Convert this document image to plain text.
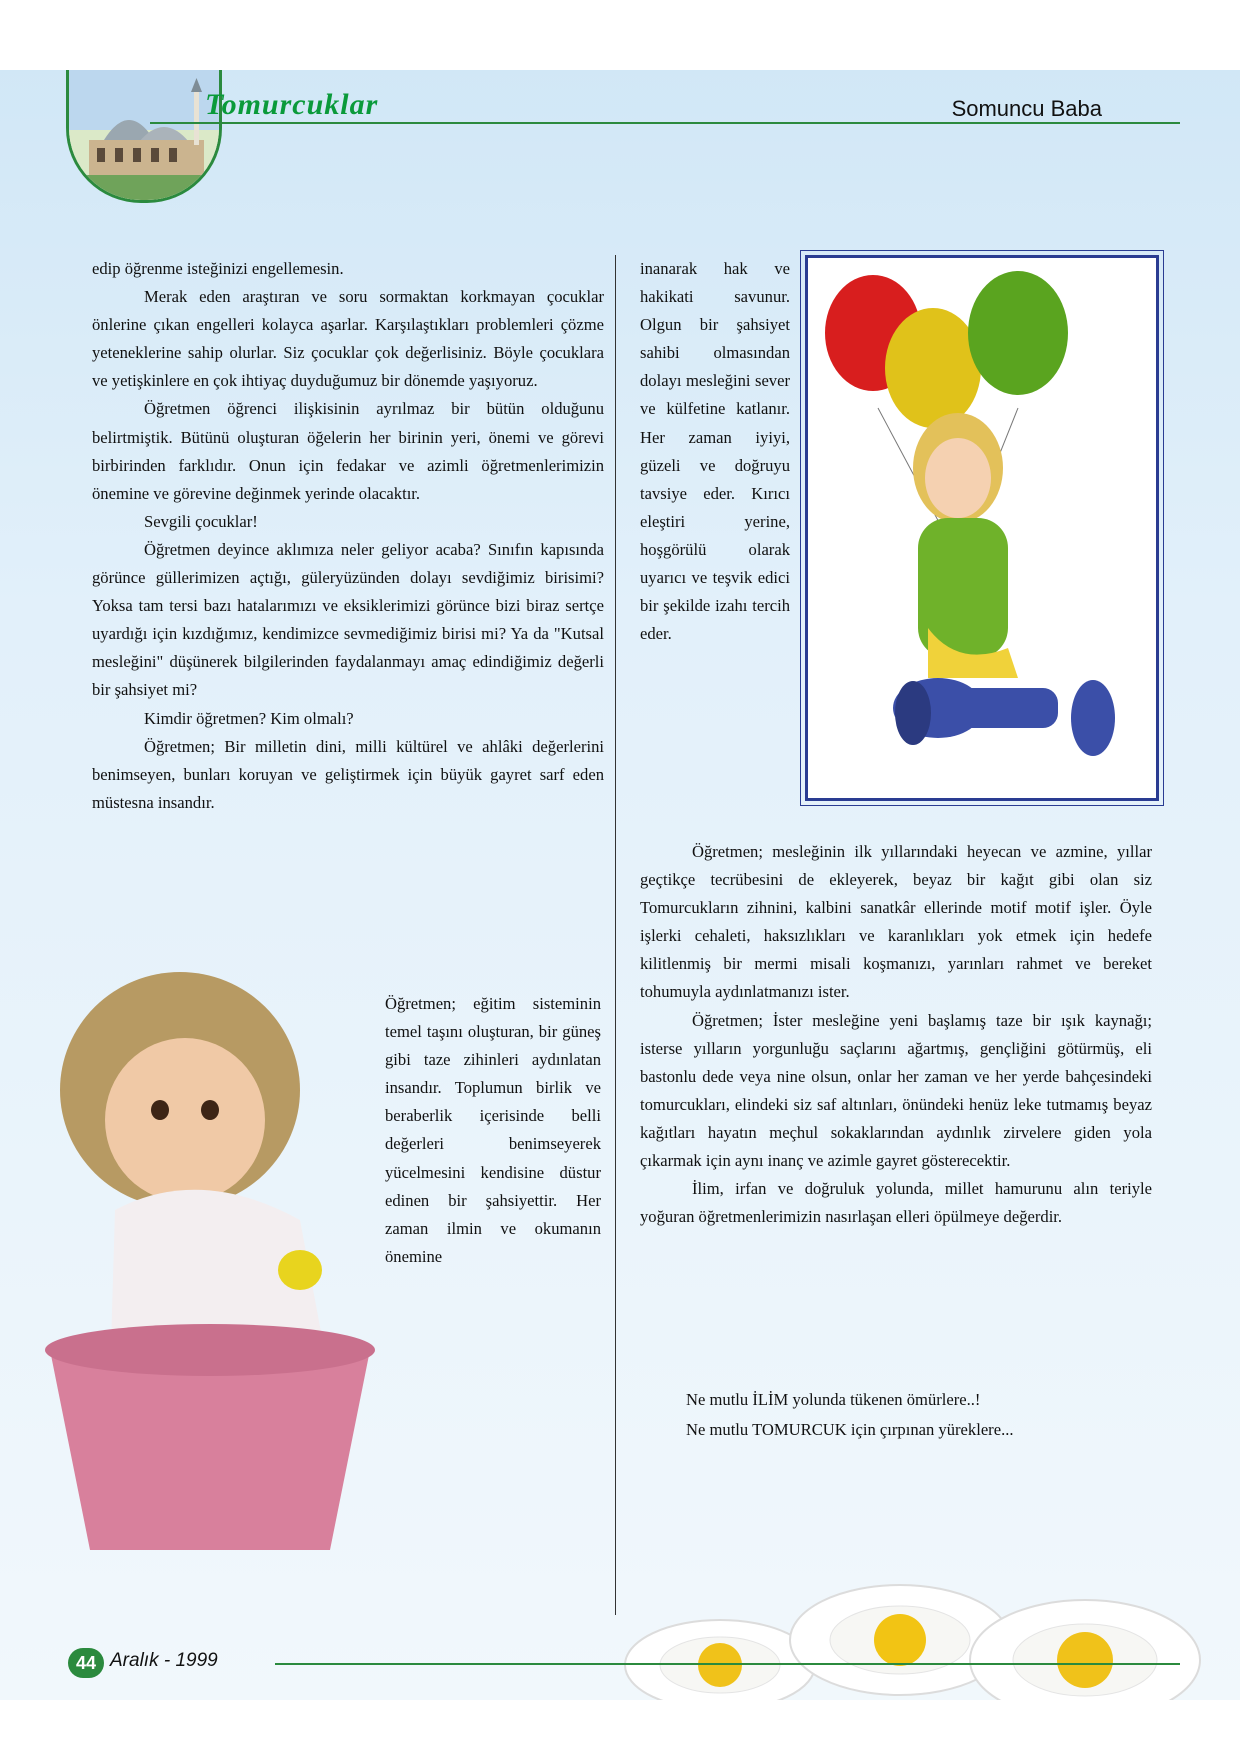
Tomurcuklar	Somuncu Baba

edip öğrenme isteğinizi engellemesin.

Merak eden araştıran ve soru sormaktan korkmayan çocuklar önlerine çıkan engelleri kolayca aşarlar. Karşılaştıkları problemleri çözme yeteneklerine sahip olurlar. Siz çocuklar çok değerlisiniz. Böyle çocuklara ve yetişkinlere en çok ihtiyaç duyduğumuz bir dönemde yaşıyoruz.

Öğretmen öğrenci ilişkisinin ayrılmaz bir bütün olduğunu belirtmiştik. Bütünü oluşturan öğelerin her birinin yeri, önemi ve görevi birbirinden farklıdır. Onun için fedakar ve azimli öğretmenlerimizin önemine ve görevine değinmek yerinde olacaktır.

Sevgili çocuklar!

Öğretmen deyince aklımıza neler geliyor acaba? Sınıfın kapısında görünce güllerimizen açtığı, güleryüzünden dolayı sevdiğimiz birisimi? Yoksa tam tersi bazı hatalarımızı ve eksiklerimizi görünce bizi biraz sertçe uyardığı için kızdığımız, kendimizce sevmediğimiz birisi mi? Ya da "Kutsal mesleğini" düşünerek bilgilerinden faydalanmayı amaç edindiğimiz değerli bir şahsiyet mi?

Kimdir öğretmen? Kim olmalı?

Öğretmen; Bir milletin dini, milli kültürel ve ahlâki değerlerini benimseyen, bunları koruyan ve geliştirmek için büyük gayret sarf eden müstesna insandır.

Öğretmen; eğitim sisteminin temel taşını oluşturan, bir güneş gibi taze zihinleri aydınlatan insandır. Toplumun birlik ve beraberlik içerisinde belli değerleri benimseyerek yücelmesini kendisine düstur edinen bir şahsiyettir. Her zaman ilmin ve okumanın önemine

inanarak hak ve hakikati savunur. Olgun bir şahsiyet sahibi olmasından dolayı mesleğini sever ve külfetine katlanır. Her zaman iyiyi, güzeli ve doğruyu tavsiye eder. Kırıcı eleştiri yerine, hoşgörülü olarak uyarıcı ve teşvik edici bir şekilde izahı tercih eder.

Öğretmen; mesleğinin ilk yıllarındaki heyecan ve azmine, yıllar geçtikçe tecrübesini de ekleyerek, beyaz bir kağıt gibi olan siz Tomurcukların zihnini, kalbini sanatkâr ellerinde motif motif işler. Öyle işlerki cehaleti, haksızlıkları ve karanlıkları yok etmek için hedefe kilitlenmiş bir mermi misali koşmanızı, yarınları rahmet ve bereket tohumuyla aydınlatmanızı ister.

Öğretmen; İster mesleğine yeni başlamış taze bir ışık kaynağı; isterse yılların yorgunluğu saçlarını ağartmış, gençliğini götürmüş, eli bastonlu dede veya nine olsun, onlar her zaman ve her yerde bahçesindeki tomurcukları, elindeki siz saf altınları, önündeki henüz leke tutmamış beyaz kağıtları hayatın meçhul sokaklarından aydınlık zirvelere giden yola çıkarmak için aynı inanç ve azimle gayret gösterecektir.

İlim, irfan ve doğruluk yolunda, millet hamurunu alın teriyle yoğuran öğretmenlerimizin nasırlaşan elleri öpülmeye değerdir.

Ne mutlu İLİM yolunda tükenen ömürlere..!
Ne mutlu TOMURCUK için çırpınan yüreklere...
44 Aralık - 1999
